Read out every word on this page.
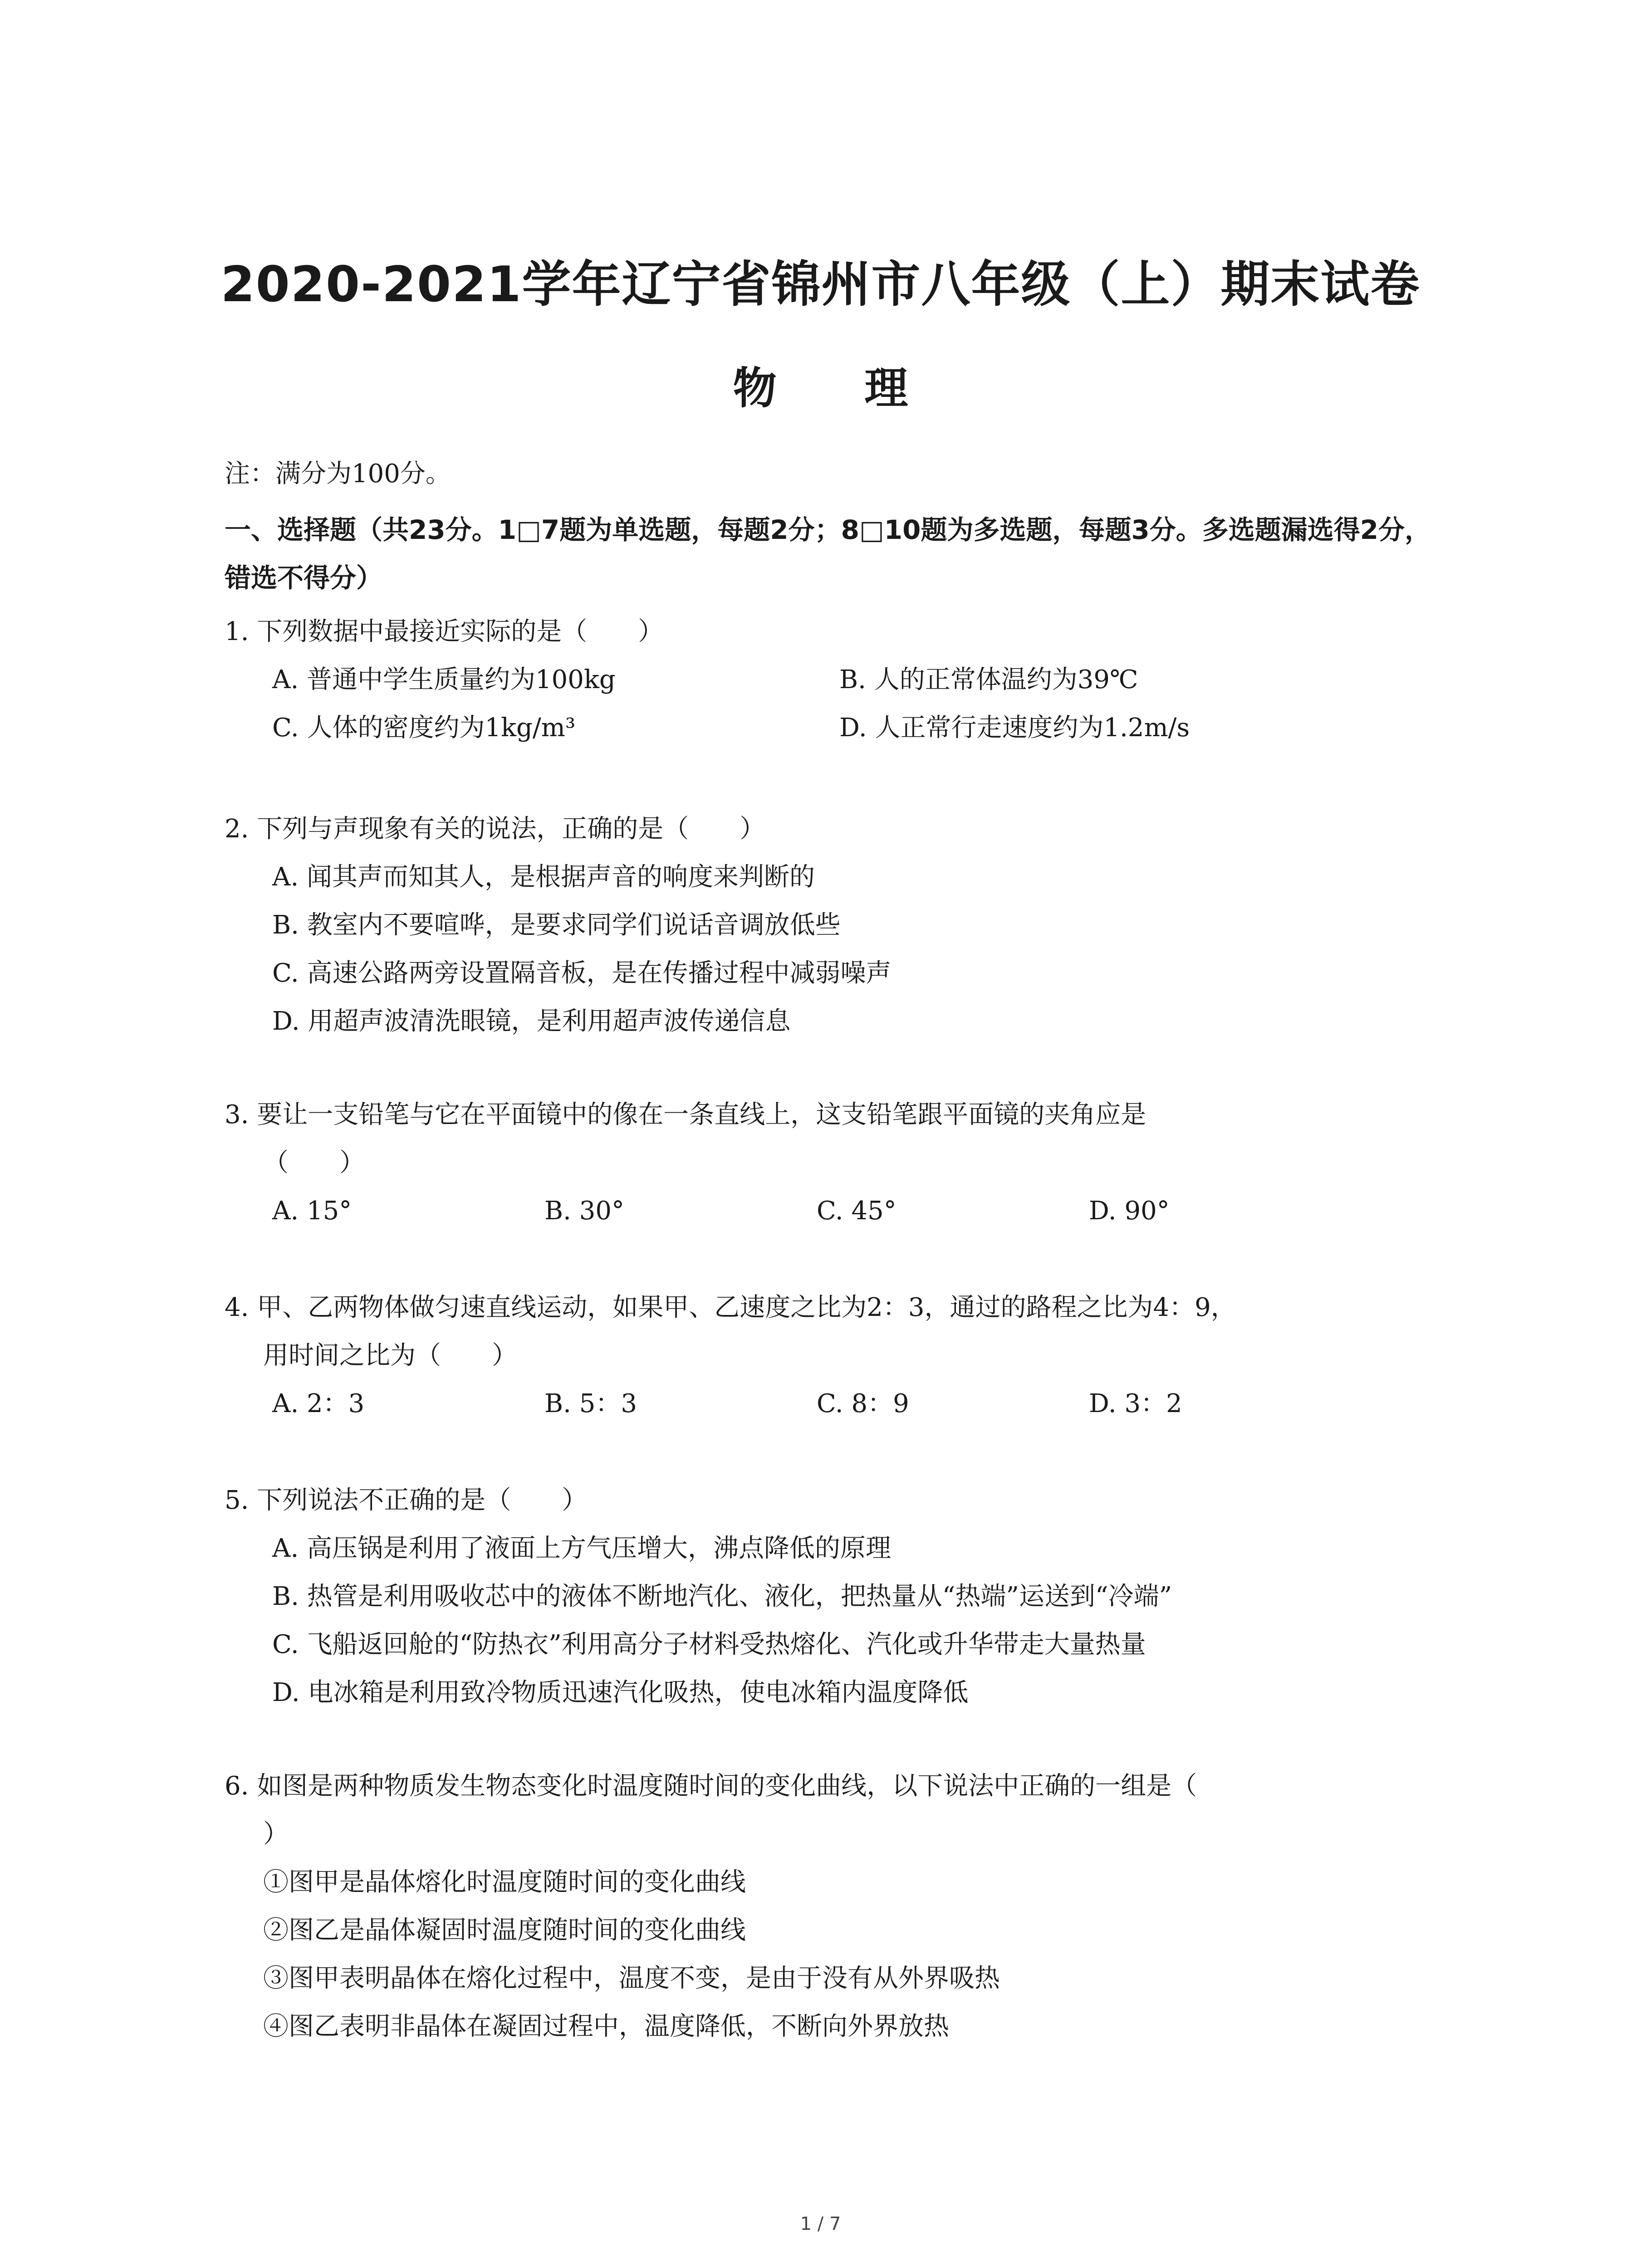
2020-2021学年辽宁省锦州市八年级（上）期末试卷
物 理
注：满分为100分。
一、选择题（共23分。1□7题为单选题，每题2分；8□10题为多选题，每题3分。多选题漏选得2分，错选不得分）
1. 下列数据中最接近实际的是（　　）
A. 普通中学生质量约为100kg	B. 人的正常体温约为39℃
C. 人体的密度约为1kg/m³	D. 人正常行走速度约为1.2m/s
2. 下列与声现象有关的说法，正确的是（　　）
A. 闻其声而知其人，是根据声音的响度来判断的
B. 教室内不要喧哗，是要求同学们说话音调放低些
C. 高速公路两旁设置隔音板，是在传播过程中减弱噪声
D. 用超声波清洗眼镜，是利用超声波传递信息
3. 要让一支铅笔与它在平面镜中的像在一条直线上，这支铅笔跟平面镜的夹角应是
（　　）
A. 15°	B. 30°	C. 45°	D. 90°
4. 甲、乙两物体做匀速直线运动，如果甲、乙速度之比为2：3，通过的路程之比为4：9，
用时间之比为（　　）
A. 2：3	B. 5：3	C. 8：9	D. 3：2
5. 下列说法不正确的是（　　）
A. 高压锅是利用了液面上方气压增大，沸点降低的原理
B. 热管是利用吸收芯中的液体不断地汽化、液化，把热量从“热端”运送到“冷端”
C. 飞船返回舱的“防热衣”利用高分子材料受热熔化、汽化或升华带走大量热量
D. 电冰箱是利用致冷物质迅速汽化吸热，使电冰箱内温度降低
6. 如图是两种物质发生物态变化时温度随时间的变化曲线，以下说法中正确的一组是（
）
①图甲是晶体熔化时温度随时间的变化曲线
②图乙是晶体凝固时温度随时间的变化曲线
③图甲表明晶体在熔化过程中，温度不变，是由于没有从外界吸热
④图乙表明非晶体在凝固过程中，温度降低，不断向外界放热
1 / 7
